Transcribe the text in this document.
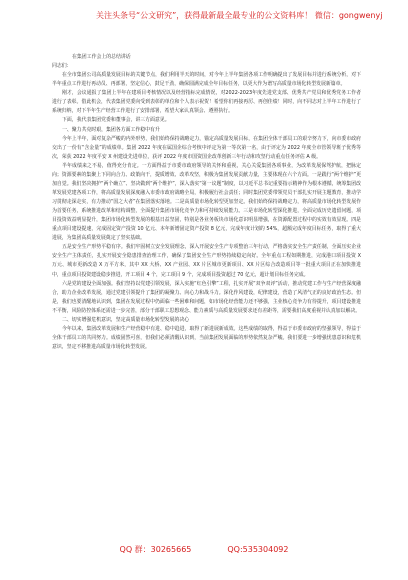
关注头条号“公文研究”，获得最新最全最专业的公文资料库！ 微信：gongwenyj

在集团工作会上的总结讲话

同志们：

在全市集团公司高质量发展目标的关键节点，我们利用半天的时间，对今年上半年集团各项工作明确提出了发展目标并进行系统分析，对下半年重点工作进行再动员、再部署，坚定信心，鼓足干劲，确保圆满完成全年目标任务，以更大作为谱写高质量市场化转型发展新篇章。

刚才，会议通报了集团上半年在建项目考核情况以及经营指标完成情况，对2022-2023年度先进党支部、优秀共产党员和优秀党务工作者进行了表彰。借此机会，代表集团党委向受到表彰的单位和个人表示祝贺！希望你们再接再厉、再创佳绩！同时，向不同志对上半年工作进行了系统归纳，对下半年生产经营工作进行了安排部署，希望大家认真领会、遵照执行。

下面，我代表集团党委和董事会，讲三方面意见。

一、聚力共克时艰，集团各方面工作稳中有升

今年上半年，面对复杂严峻的内外形势，我们始终保持战略定力，锚定高质量发展目标，在集团全体干部员工的艰辛努力下，向市委市政府交出了一份有“含金量”的成绩单。集团 2022 年度在属国企综合考核中评定为第一等次第一名，由于评定为 2022 年度全市管领导班子优秀等次，荣获 2022 年度平安 X 州建设先进单位，获评 2022 年度市国资国企改革创新三年行动和攻坚行动重点任务评估 A 级。

半年成绩来之不易，值得充分肯定。一方面得益于市委市政府领导的关怀和重视，关心关爱集团各项事业，为改革发展保驾护航，把脉定向；资源要素的集聚上下同向合力、政策向干，提质增效、改革攻坚，积极为集团发展贡献力量，主要体现在六个方面。一是践行“两个维护”更加自觉。我们坚决拥护“两个确立”、坚决做到“两个维护”，深入落实“第一议题”制度，以习近平总书记重要指示精神作为根本遵循，统筹集团改革发展党建各项工作，将高质量发展深度融入市委市政府战略全局，积极履行社会责任；同时集团党委带领党员干部扎实开展主题教育，推动学习贯彻走深走实，有力推动“国之大者”在集团落实落地。二是高质量市场化转型更加坚定。我们始终保持战略定力，将高质量市场化转型发展作为首要任务，系统推进改革和结构调整，全面提升集团市场化竞争力和可持续发展能力。三是市场化转型深化推进，全面完成历史遗留问题，项目投资效益明显提升，集团市场化转型发展的根基日益坚固，特别是各业务板块市场化意识明显增强，在资源配置过程中的实效有效显现。四是重点项目建设提速，完成固定资产投资 10 亿元、本年新增固定资产投资 8 亿元，完成年度计划的 54%，超额完成年度目标任务，取得了重大进展，为集团高质量发展奠定了坚实基础。

五是安全生产形势平稳有序。我们牢固树立安全发展理念，深入开展安全生产专项整治三年行动，严格落实安全生产责任制，全面压实企业安全生产主体责任，扎实开展安全隐患排查治理工作，确保了集团安全生产形势持续稳定向好。全年重点工程如期推进，完成港口项目投资 X 万元、城市更新改造 X 万平方米，其中 XX 大桥、XX 产业园、XX 片区城市更新项目、XX 片区综合改造项目等一批重大项目正在加快推进中，重点项目投资建设稳步推进，开工项目 4 个，完工项目 9 个，完成项目投资超过 70 亿元，超计划目标任务完成。

六是党的建设全面加强。我们坚持以党建引领发展，深入实施“红色引擎”工程，扎实开展“双争双评”活动，推动党建工作与生产经营深度融合，助力企业改革发展，通过党建引领提升了集团的凝聚力、向心力和战斗力。深化作风建设，纪律建设，营造了风清气正的良好政治生态。但是，我们也要清醒地认识到，集团在发展过程中仍面临一些困难和问题，如市场化经营能力还不够强，主业核心竞争力有待提升，项目建设推进不平衡，风险防控体系还需进一步完善，部分干部职工思想观念、能力素质与高质量发展要求还有差距等，需要我们高度重视并认真加以解决。

二、切实增强危机意识，坚定高质量市场化转型发展的决心

今年以来，集团改革发展和生产经营稳中有进、稳中趋进，取得了新进展新成效。这些成绩的取得，得益于市委市政府的坚强领导，得益于全体干部员工的共同努力。成绩固然可喜，但我们必须清醒认识到，当前集团发展面临的形势依然复杂严峻。我们要进一步增强忧患意识和危机意识，坚定不移推进高质量市场化转型发展。

QQ 群：30265665	QQ:535304092
